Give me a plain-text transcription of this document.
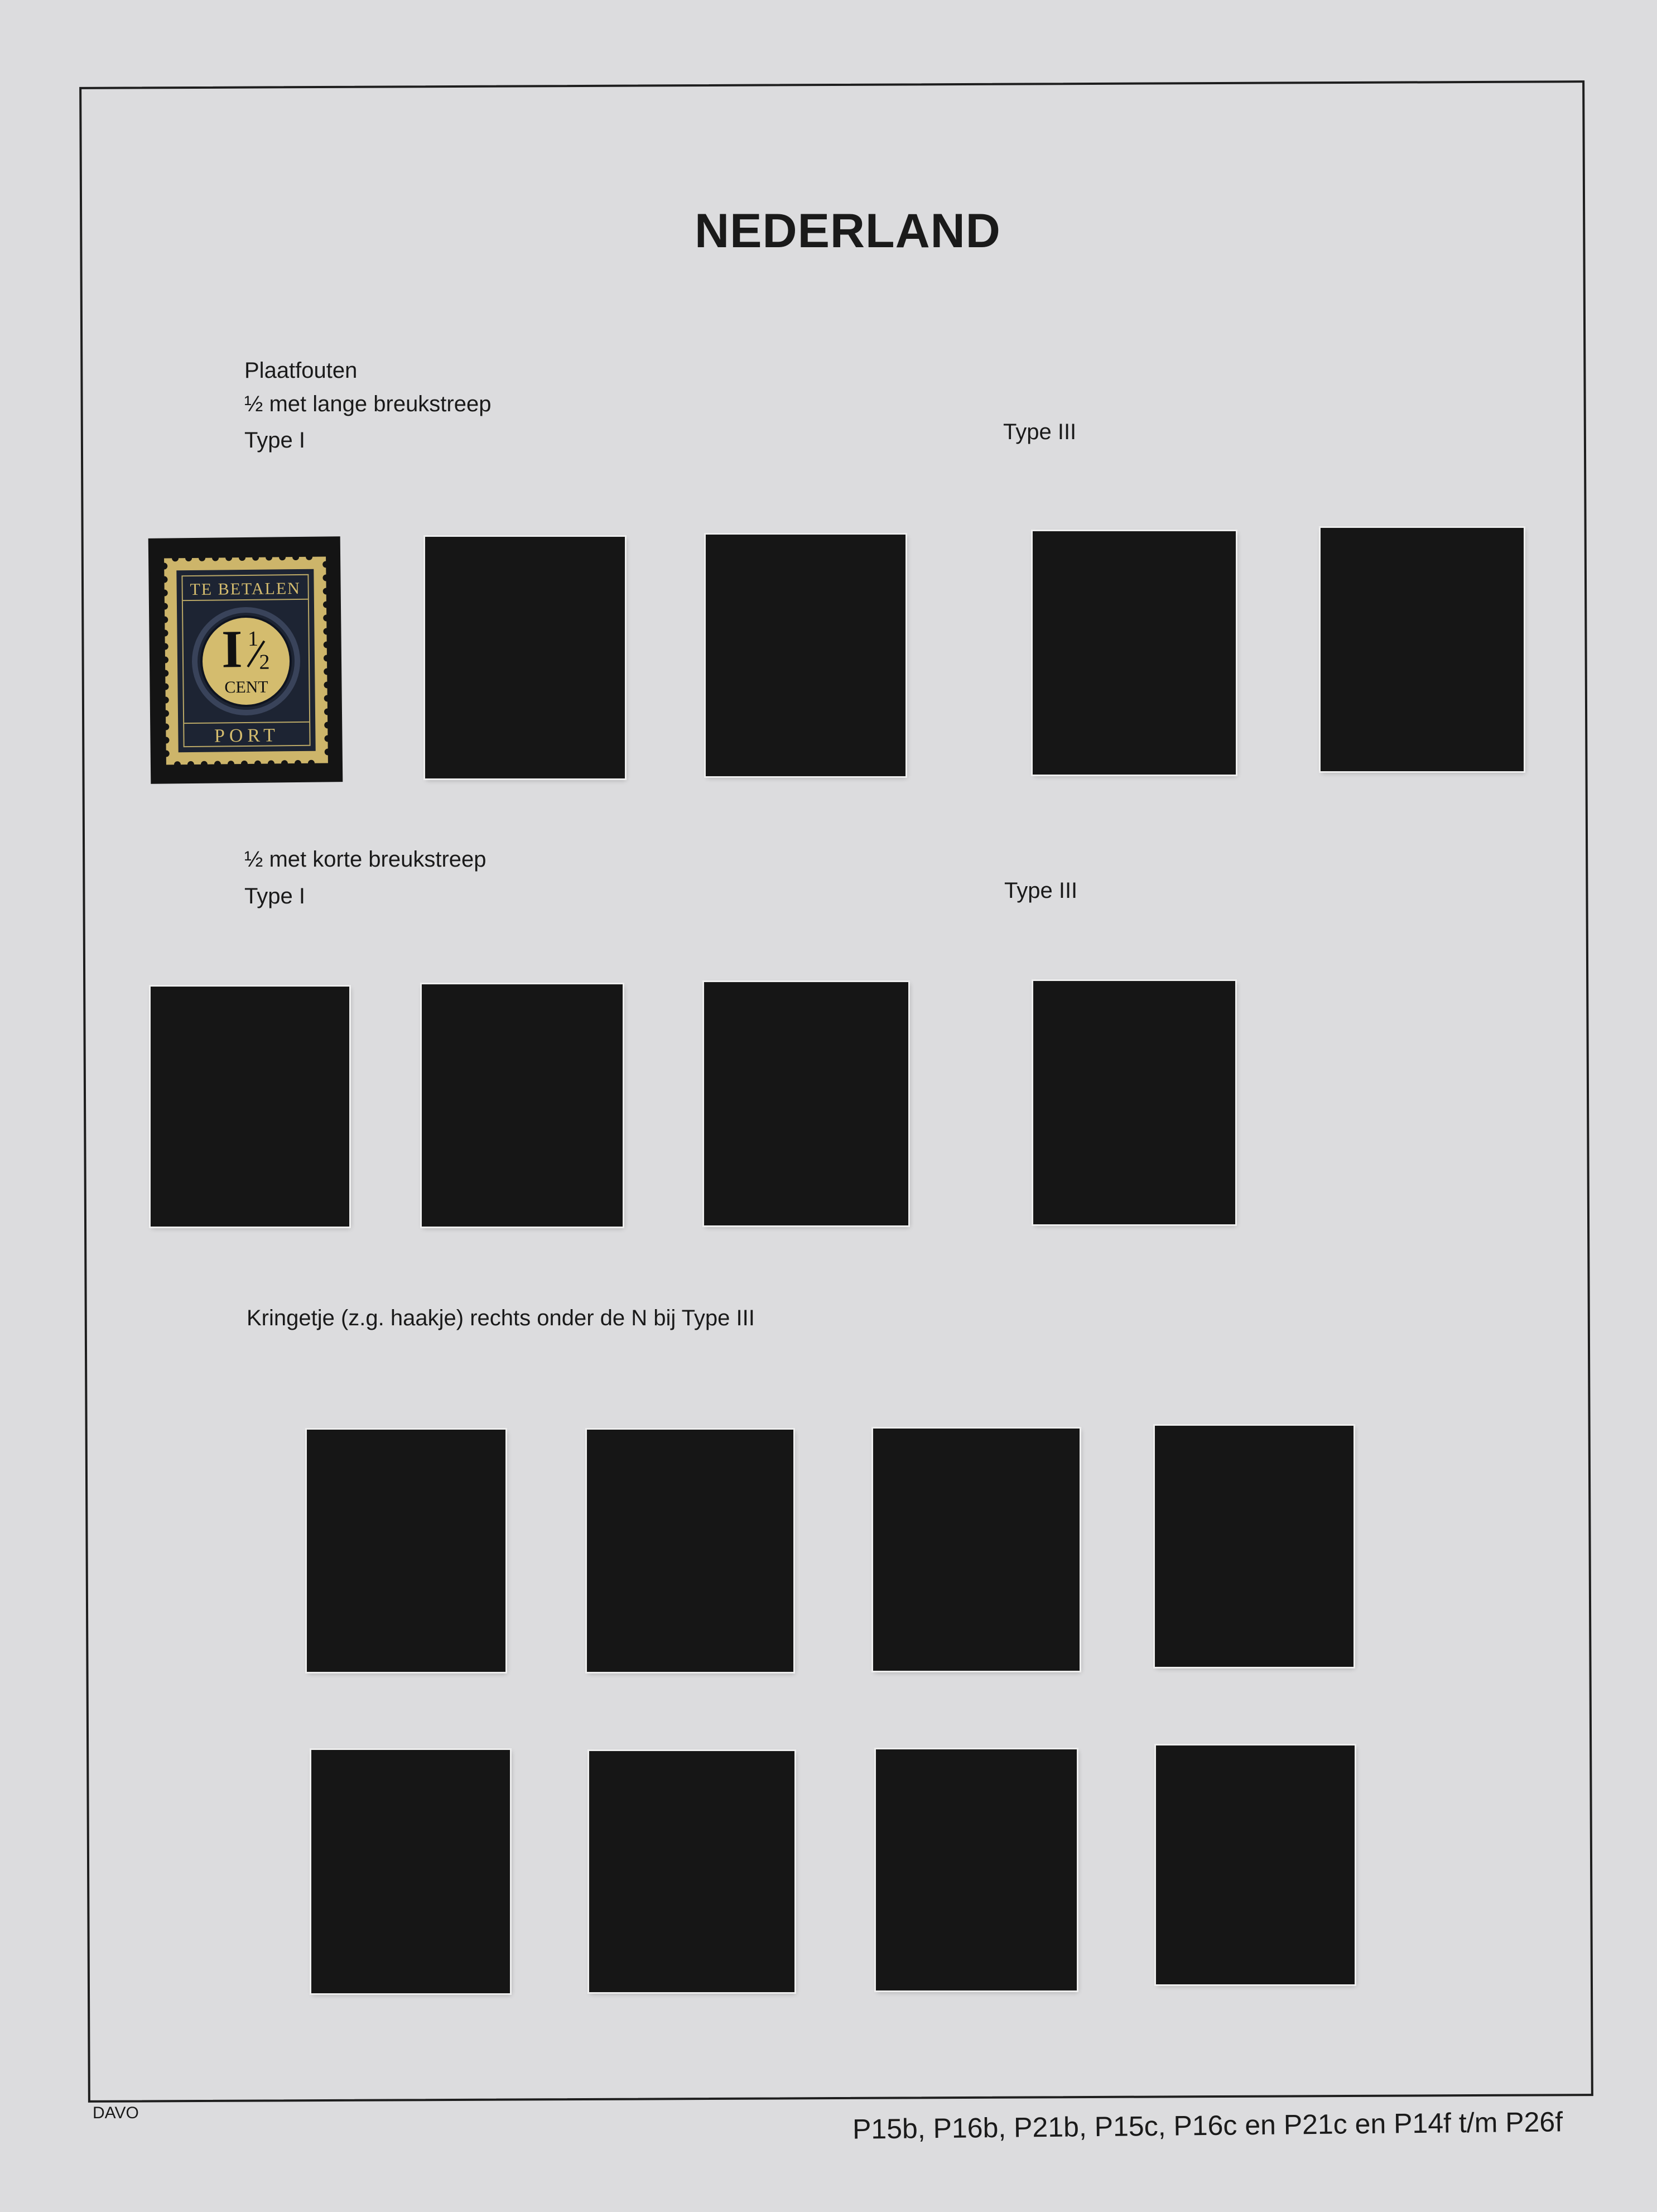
NEDERLAND
Plaatfouten
½ met lange breukstreep
Type I	Type III
TE BETALEN
I 1
2
CENT
PORT
½ met korte breukstreep
Type I	Type III
Kringetje (z.g. haakje) rechts onder de N bij Type III
DAVO	P15b, P16b, P21b, P15c, P16c en P21c en P14f t/m P26f
